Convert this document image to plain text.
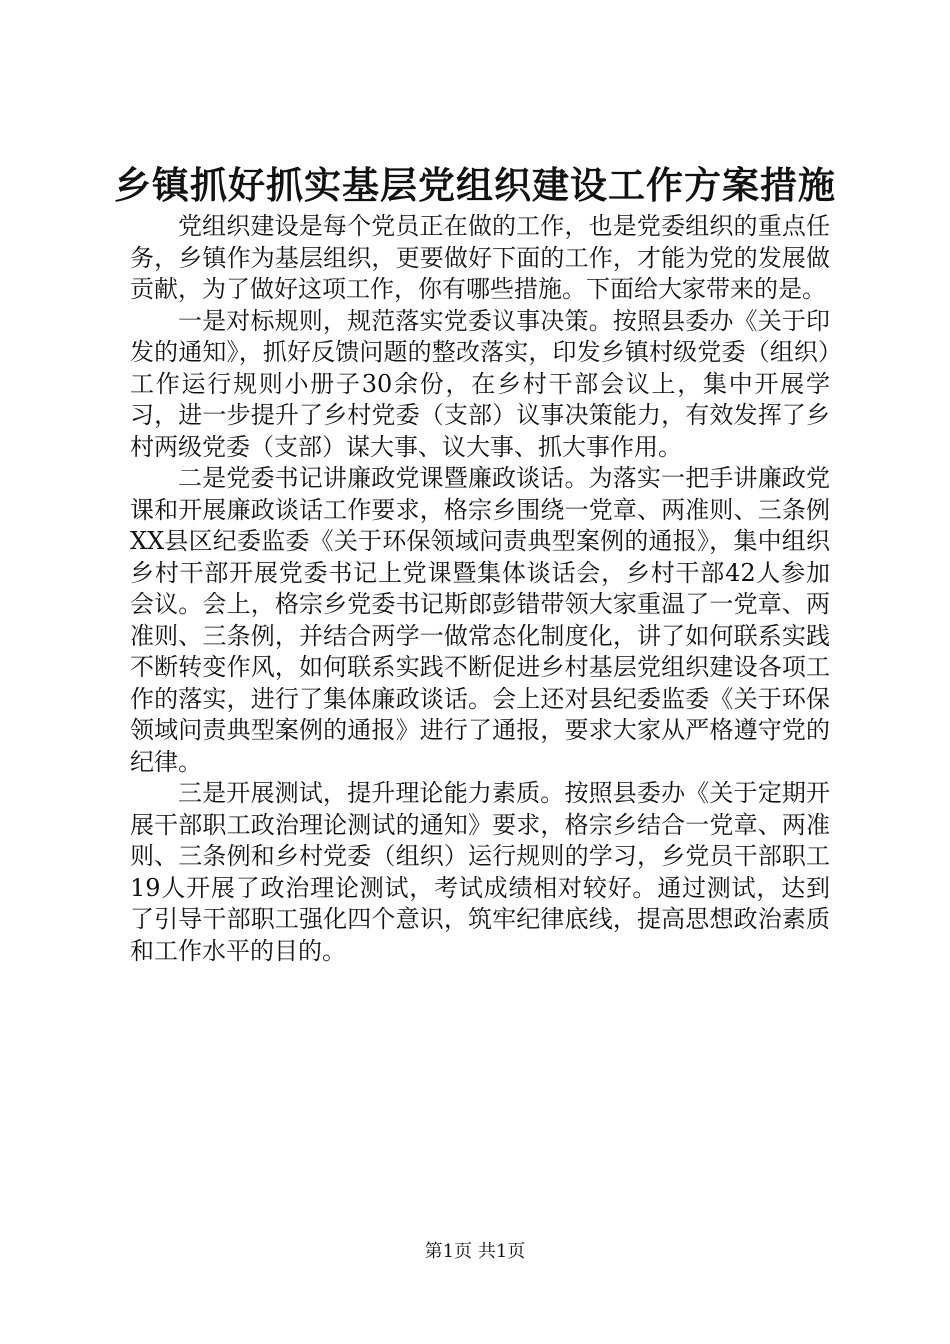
乡镇抓好抓实基层党组织建设工作方案措施

党组织建设是每个党员正在做的工作，也是党委组织的重点任务，乡镇作为基层组织，更要做好下面的工作，才能为党的发展做贡献，为了做好这项工作，你有哪些措施。下面给大家带来的是。

一是对标规则，规范落实党委议事决策。按照县委办《关于印发的通知》，抓好反馈问题的整改落实，印发乡镇村级党委（组织）工作运行规则小册子30余份，在乡村干部会议上，集中开展学习，进一步提升了乡村党委（支部）议事决策能力，有效发挥了乡村两级党委（支部）谋大事、议大事、抓大事作用。

二是党委书记讲廉政党课暨廉政谈话。为落实一把手讲廉政党课和开展廉政谈话工作要求，格宗乡围绕一党章、两准则、三条例XX县区纪委监委《关于环保领域问责典型案例的通报》，集中组织乡村干部开展党委书记上党课暨集体谈话会，乡村干部42人参加会议。会上，格宗乡党委书记斯郎彭错带领大家重温了一党章、两准则、三条例，并结合两学一做常态化制度化，讲了如何联系实践不断转变作风，如何联系实践不断促进乡村基层党组织建设各项工作的落实，进行了集体廉政谈话。会上还对县纪委监委《关于环保领域问责典型案例的通报》进行了通报，要求大家从严格遵守党的纪律。

三是开展测试，提升理论能力素质。按照县委办《关于定期开展干部职工政治理论测试的通知》要求，格宗乡结合一党章、两准则、三条例和乡村党委（组织）运行规则的学习，乡党员干部职工19人开展了政治理论测试，考试成绩相对较好。通过测试，达到了引导干部职工强化四个意识，筑牢纪律底线，提高思想政治素质和工作水平的目的。

第1页 共1页
